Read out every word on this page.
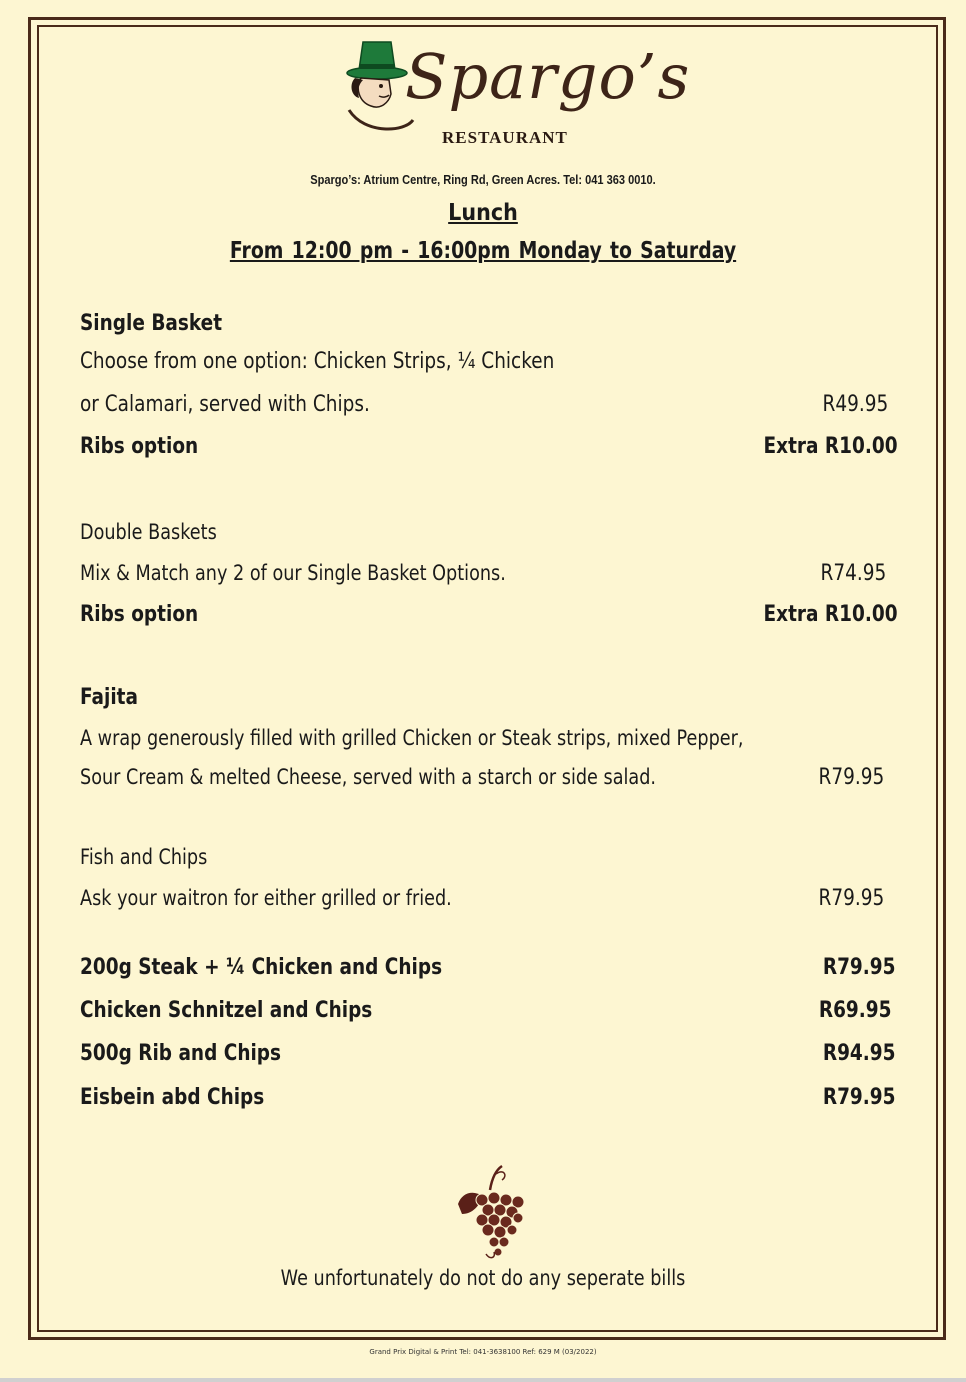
Spargo’s
RESTAURANT
Spargo’s: Atrium Centre, Ring Rd, Green Acres. Tel: 041 363 0010.
Lunch
From 12:00 pm - 16:00pm Monday to Saturday
Single Basket
Choose from one option: Chicken Strips, ¼ Chicken
or Calamari, served with Chips.	R49.95
Ribs option	Extra R10.00
Double Baskets
Mix & Match any 2 of our Single Basket Options.	R74.95
Ribs option	Extra R10.00
Fajita
A wrap generously filled with grilled Chicken or Steak strips, mixed Pepper,
Sour Cream & melted Cheese, served with a starch or side salad.	R79.95
Fish and Chips
Ask your waitron for either grilled or fried.	R79.95
200g Steak + ¼ Chicken and Chips	R79.95
Chicken Schnitzel and Chips	R69.95
500g Rib and Chips	R94.95
Eisbein abd Chips	R79.95
We unfortunately do not do any seperate bills
Grand Prix Digital & Print Tel: 041-3638100 Ref: 629 M (03/2022)
